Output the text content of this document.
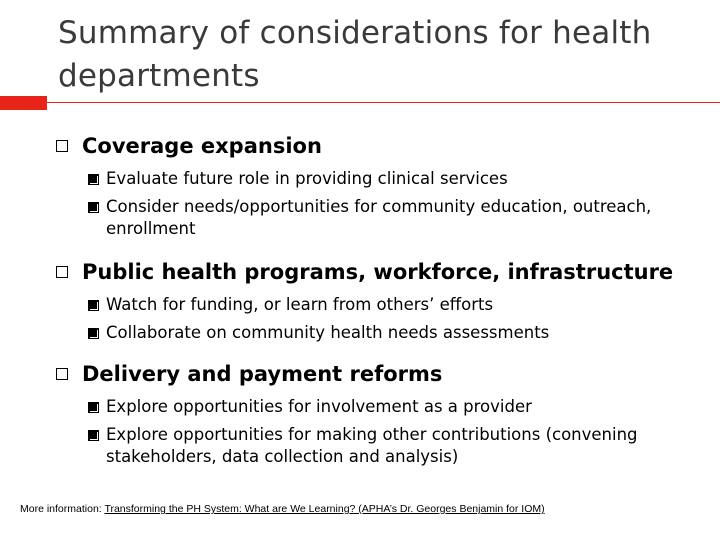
Summary of considerations for health departments
Coverage expansion
Evaluate future role in providing clinical services
Consider needs/opportunities for community education, outreach, enrollment
Public health programs, workforce, infrastructure
Watch for funding, or learn from others’ efforts
Collaborate on community health needs assessments
Delivery and payment reforms
Explore opportunities for involvement as a provider
Explore opportunities for making other contributions (convening stakeholders, data collection and analysis)
More information: Transforming the PH System: What are We Learning? (APHA’s Dr. Georges Benjamin for IOM)
